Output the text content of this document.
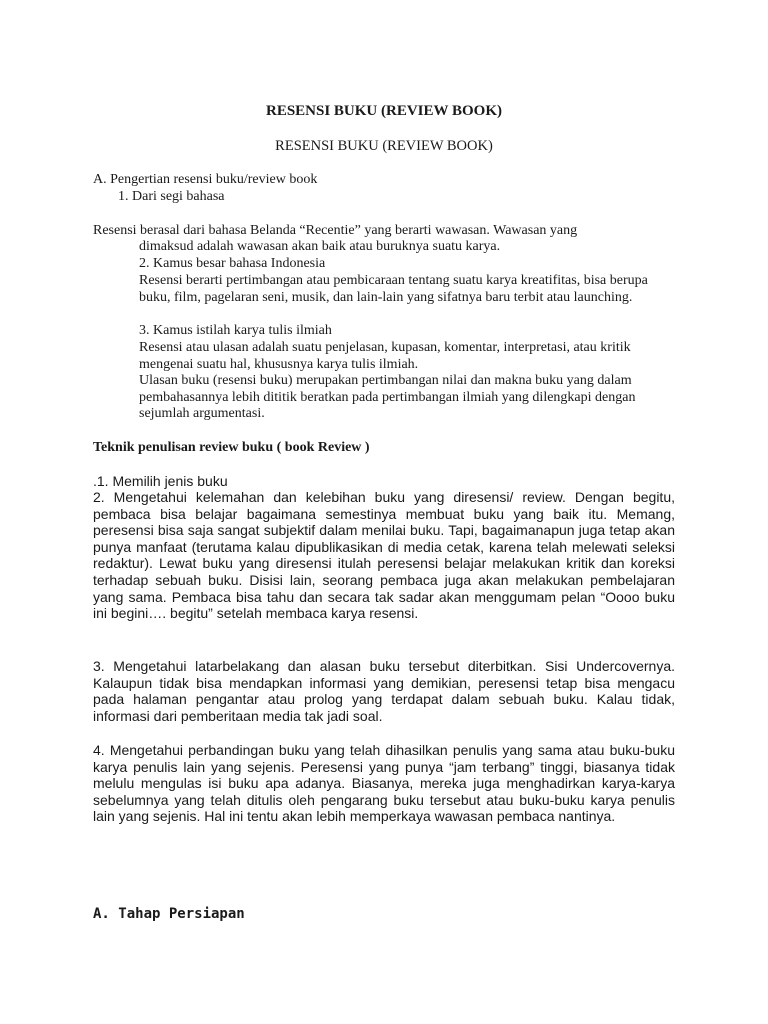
RESENSI BUKU (REVIEW BOOK)

RESENSI BUKU (REVIEW BOOK)

A. Pengertian resensi buku/review book

1. Dari segi bahasa

Resensi berasal dari bahasa Belanda “Recentie” yang berarti wawasan. Wawasan yang

dimaksud adalah wawasan akan baik atau buruknya suatu karya.

2. Kamus besar bahasa Indonesia

Resensi berarti pertimbangan atau pembicaraan tentang suatu karya kreatifitas, bisa berupa buku, film, pagelaran seni, musik, dan lain-lain yang sifatnya baru terbit atau launching.

3. Kamus istilah karya tulis ilmiah

Resensi atau ulasan adalah suatu penjelasan, kupasan, komentar, interpretasi, atau kritik mengenai suatu hal, khususnya karya tulis ilmiah.

Ulasan buku (resensi buku) merupakan pertimbangan nilai dan makna buku yang dalam pembahasannya lebih dititik beratkan pada pertimbangan ilmiah yang dilengkapi dengan sejumlah argumentasi.

Teknik penulisan review buku ( book Review )

.1. Memilih jenis buku

2. Mengetahui kelemahan dan kelebihan buku yang diresensi/ review. Dengan begitu, pembaca bisa belajar bagaimana semestinya membuat buku yang baik itu. Memang, peresensi bisa saja sangat subjektif dalam menilai buku. Tapi, bagaimanapun juga tetap akan punya manfaat (terutama kalau dipublikasikan di media cetak, karena telah melewati seleksi redaktur). Lewat buku yang diresensi itulah peresensi belajar melakukan kritik dan koreksi terhadap sebuah buku. Disisi lain, seorang pembaca juga akan melakukan pembelajaran yang sama. Pembaca bisa tahu dan secara tak sadar akan menggumam pelan “Oooo buku ini begini…. begitu” setelah membaca karya resensi.

3. Mengetahui latarbelakang dan alasan buku tersebut diterbitkan. Sisi Undercovernya. Kalaupun tidak bisa mendapkan informasi yang demikian, peresensi tetap bisa mengacu pada halaman pengantar atau prolog yang terdapat dalam sebuah buku. Kalau tidak, informasi dari pemberitaan media tak jadi soal.

4. Mengetahui perbandingan buku yang telah dihasilkan penulis yang sama atau buku-buku karya penulis lain yang sejenis. Peresensi yang punya “jam terbang” tinggi, biasanya tidak melulu mengulas isi buku apa adanya. Biasanya, mereka juga menghadirkan karya-karya sebelumnya yang telah ditulis oleh pengarang buku tersebut atau buku-buku karya penulis lain yang sejenis. Hal ini tentu akan lebih memperkaya wawasan pembaca nantinya.

A. Tahap Persiapan
